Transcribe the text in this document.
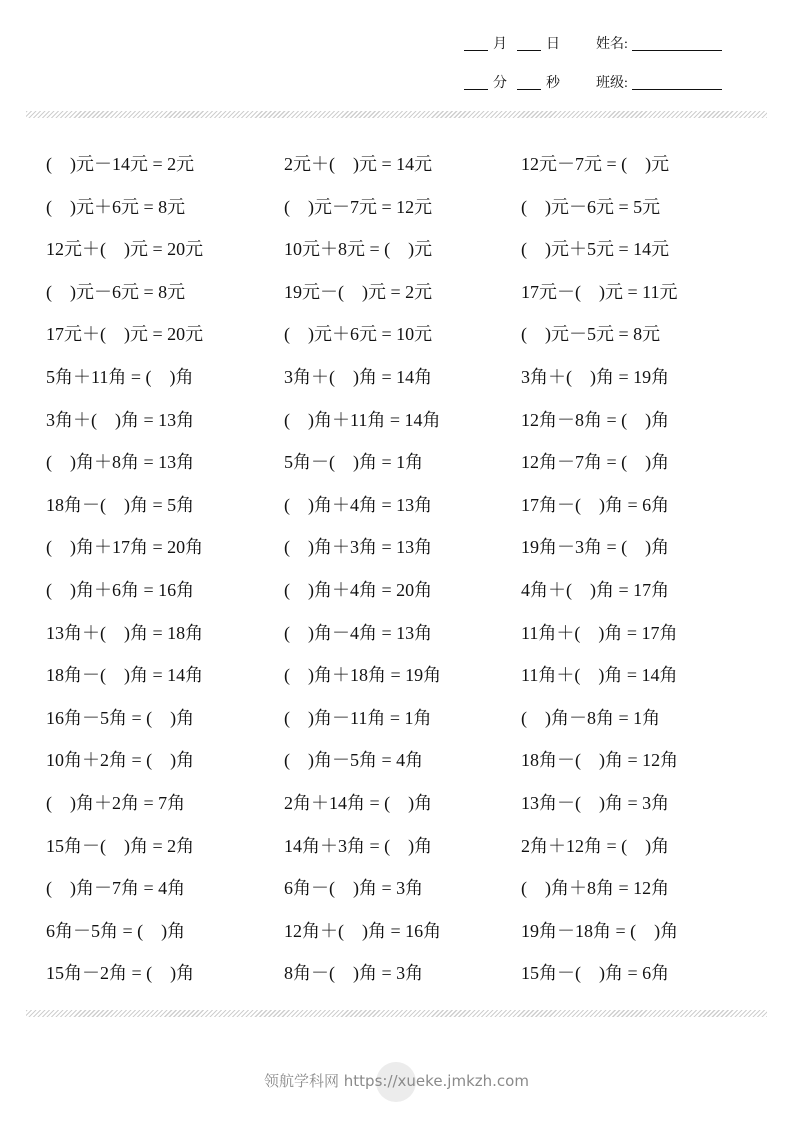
月	日	姓名:
分	秒	班级:
(　)元－14元 = 2元	2元＋(　)元 = 14元	12元－7元 = (　)元
(　)元＋6元 = 8元	(　)元－7元 = 12元	(　)元－6元 = 5元
12元＋(　)元 = 20元	10元＋8元 = (　)元	(　)元＋5元 = 14元
(　)元－6元 = 8元	19元－(　)元 = 2元	17元－(　)元 = 11元
17元＋(　)元 = 20元	(　)元＋6元 = 10元	(　)元－5元 = 8元
5角＋11角 = (　)角	3角＋(　)角 = 14角	3角＋(　)角 = 19角
3角＋(　)角 = 13角	(　)角＋11角 = 14角	12角－8角 = (　)角
(　)角＋8角 = 13角	5角－(　)角 = 1角	12角－7角 = (　)角
18角－(　)角 = 5角	(　)角＋4角 = 13角	17角－(　)角 = 6角
(　)角＋17角 = 20角	(　)角＋3角 = 13角	19角－3角 = (　)角
(　)角＋6角 = 16角	(　)角＋4角 = 20角	4角＋(　)角 = 17角
13角＋(　)角 = 18角	(　)角－4角 = 13角	11角＋(　)角 = 17角
18角－(　)角 = 14角	(　)角＋18角 = 19角	11角＋(　)角 = 14角
16角－5角 = (　)角	(　)角－11角 = 1角	(　)角－8角 = 1角
10角＋2角 = (　)角	(　)角－5角 = 4角	18角－(　)角 = 12角
(　)角＋2角 = 7角	2角＋14角 = (　)角	13角－(　)角 = 3角
15角－(　)角 = 2角	14角＋3角 = (　)角	2角＋12角 = (　)角
(　)角－7角 = 4角	6角－(　)角 = 3角	(　)角＋8角 = 12角
6角－5角 = (　)角	12角＋(　)角 = 16角	19角－18角 = (　)角
15角－2角 = (　)角	8角－(　)角 = 3角	15角－(　)角 = 6角
领航学科网 https://xueke.jmkzh.com
